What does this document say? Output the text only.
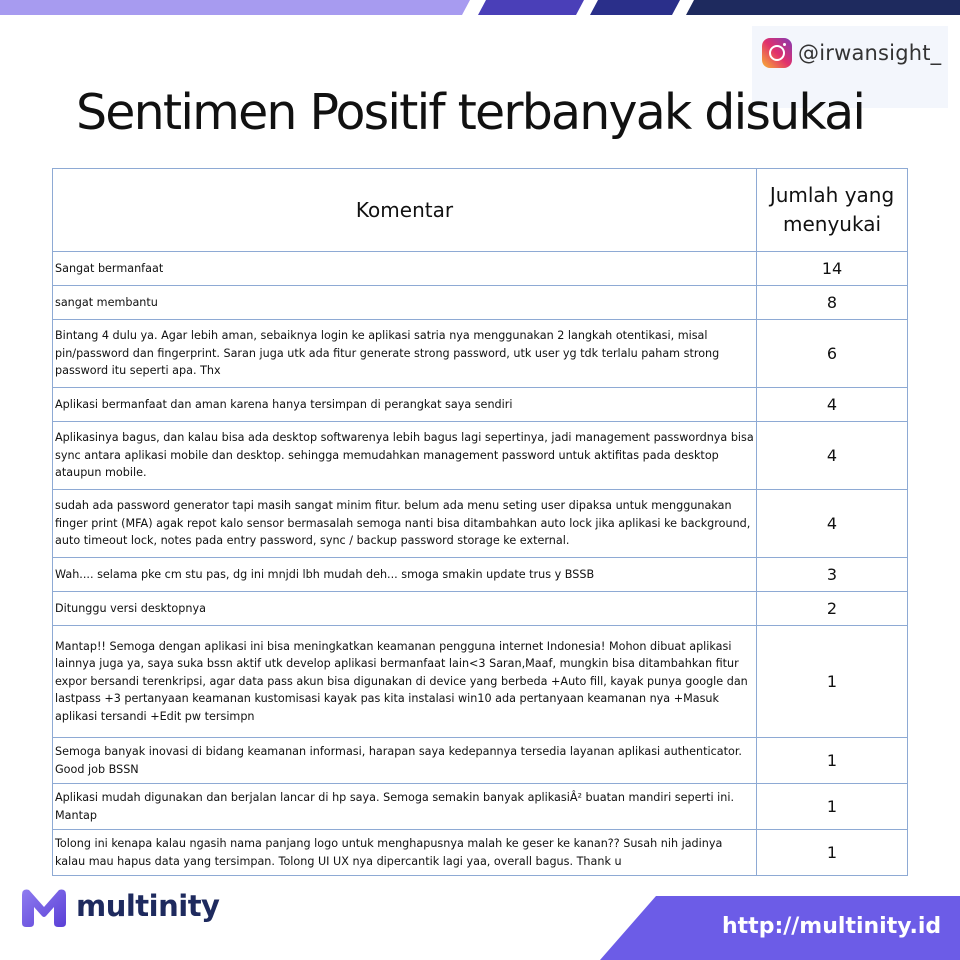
@irwansight_
Sentimen Positif terbanyak disukai
Komentar	Jumlah yang
menyukai
Sangat bermanfaat	14
sangat membantu	8
Bintang 4 dulu ya. Agar lebih aman, sebaiknya login ke aplikasi satria nya menggunakan 2 langkah otentikasi, misal pin/password dan fingerprint. Saran juga utk ada fitur generate strong password, utk user yg tdk terlalu paham strong password itu seperti apa. Thx	6
Aplikasi bermanfaat dan aman karena hanya tersimpan di perangkat saya sendiri	4
Aplikasinya bagus, dan kalau bisa ada desktop softwarenya lebih bagus lagi sepertinya, jadi management passwordnya bisa sync antara aplikasi mobile dan desktop. sehingga memudahkan management password untuk aktifitas pada desktop ataupun mobile.	4
sudah ada password generator tapi masih sangat minim fitur. belum ada menu seting user dipaksa untuk menggunakan finger print (MFA) agak repot kalo sensor bermasalah semoga nanti bisa ditambahkan auto lock jika aplikasi ke background, auto timeout lock, notes pada entry password, sync / backup password storage ke external.	4
Wah.... selama pke cm stu pas, dg ini mnjdi lbh mudah deh... smoga smakin update trus y BSSB	3
Ditunggu versi desktopnya	2
Mantap!! Semoga dengan aplikasi ini bisa meningkatkan keamanan pengguna internet Indonesia! Mohon dibuat aplikasi lainnya juga ya, saya suka bssn aktif utk develop aplikasi bermanfaat lain<3 Saran,Maaf, mungkin bisa ditambahkan fitur expor bersandi terenkripsi, agar data pass akun bisa digunakan di device yang berbeda +Auto fill, kayak punya google dan lastpass +3 pertanyaan keamanan kustomisasi kayak pas kita instalasi win10 ada pertanyaan keamanan nya +Masuk aplikasi tersandi +Edit pw tersimpn	1
Semoga banyak inovasi di bidang keamanan informasi, harapan saya kedepannya tersedia layanan aplikasi authenticator. Good job BSSN	1
Aplikasi mudah digunakan dan berjalan lancar di hp saya. Semoga semakin banyak aplikasiÂ² buatan mandiri seperti ini. Mantap	1
Tolong ini kenapa kalau ngasih nama panjang logo untuk menghapusnya malah ke geser ke kanan?? Susah nih jadinya kalau mau hapus data yang tersimpan. Tolong UI UX nya dipercantik lagi yaa, overall bagus. Thank u	1
multinity
http://multinity.id
